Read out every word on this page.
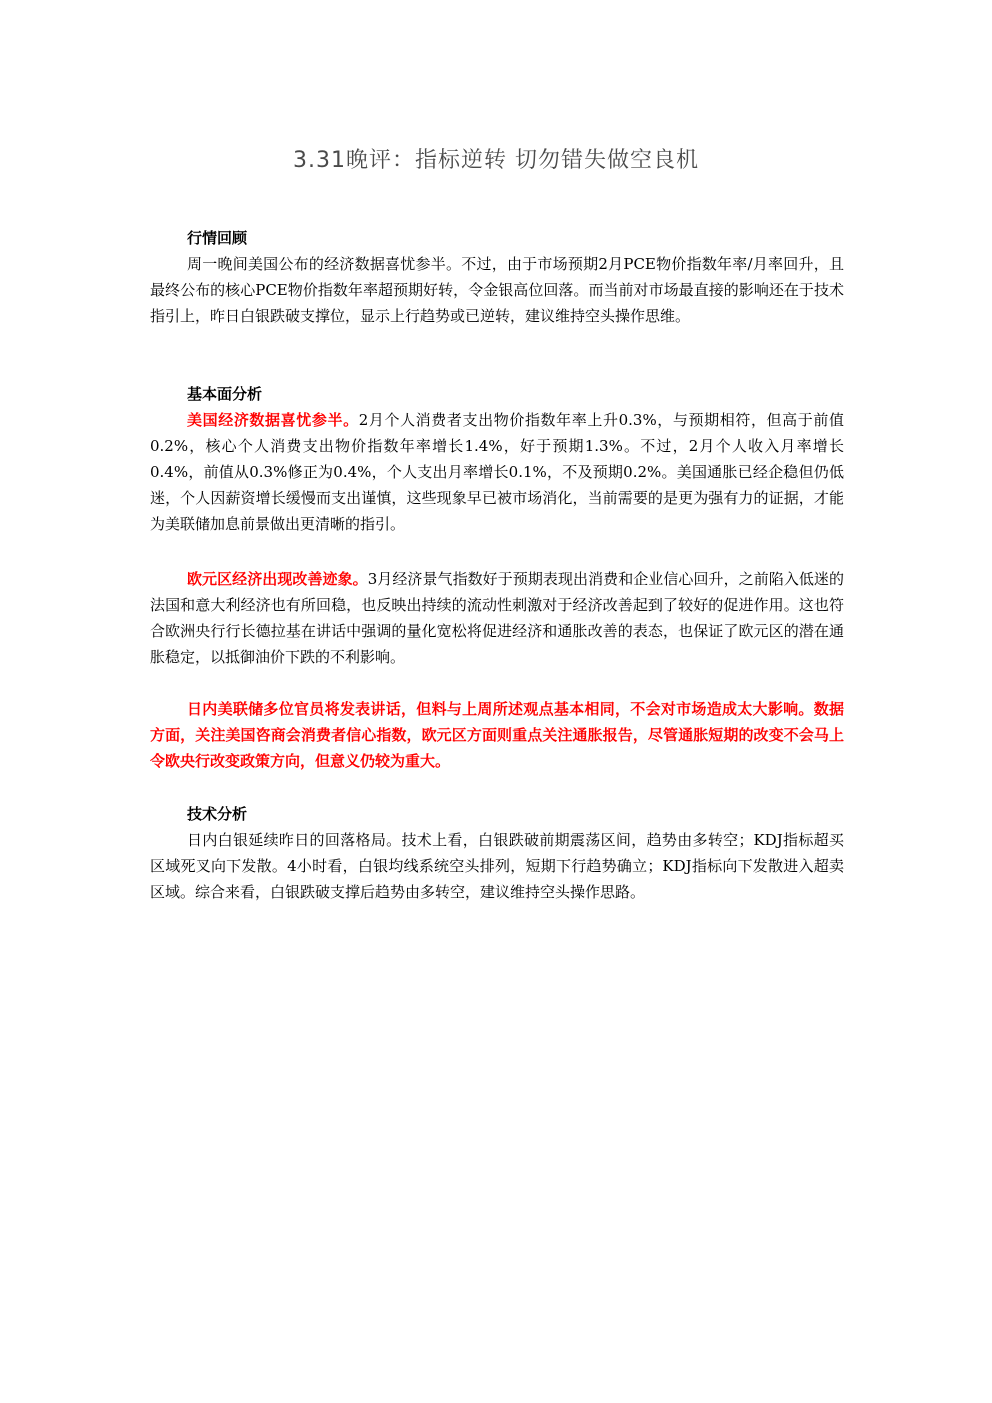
3.31晚评：指标逆转 切勿错失做空良机

行情回顾

周一晚间美国公布的经济数据喜忧参半。不过，由于市场预期2月PCE物价指数年率/月率回升，且最终公布的核心PCE物价指数年率超预期好转，令金银高位回落。而当前对市场最直接的影响还在于技术指引上，昨日白银跌破支撑位，显示上行趋势或已逆转，建议维持空头操作思维。

基本面分析

美国经济数据喜忧参半。2月个人消费者支出物价指数年率上升0.3%，与预期相符，但高于前值0.2%，核心个人消费支出物价指数年率增长1.4%，好于预期1.3%。不过，2月个人收入月率增长0.4%，前值从0.3%修正为0.4%，个人支出月率增长0.1%，不及预期0.2%。美国通胀已经企稳但仍低迷，个人因薪资增长缓慢而支出谨慎，这些现象早已被市场消化，当前需要的是更为强有力的证据，才能为美联储加息前景做出更清晰的指引。

欧元区经济出现改善迹象。3月经济景气指数好于预期表现出消费和企业信心回升，之前陷入低迷的法国和意大利经济也有所回稳，也反映出持续的流动性刺激对于经济改善起到了较好的促进作用。这也符合欧洲央行行长德拉基在讲话中强调的量化宽松将促进经济和通胀改善的表态，也保证了欧元区的潜在通胀稳定，以抵御油价下跌的不利影响。

日内美联储多位官员将发表讲话，但料与上周所述观点基本相同，不会对市场造成太大影响。数据方面，关注美国咨商会消费者信心指数，欧元区方面则重点关注通胀报告，尽管通胀短期的改变不会马上令欧央行改变政策方向，但意义仍较为重大。

技术分析

日内白银延续昨日的回落格局。技术上看，白银跌破前期震荡区间，趋势由多转空；KDJ指标超买区域死叉向下发散。4小时看，白银均线系统空头排列，短期下行趋势确立；KDJ指标向下发散进入超卖区域。综合来看，白银跌破支撑后趋势由多转空，建议维持空头操作思路。
